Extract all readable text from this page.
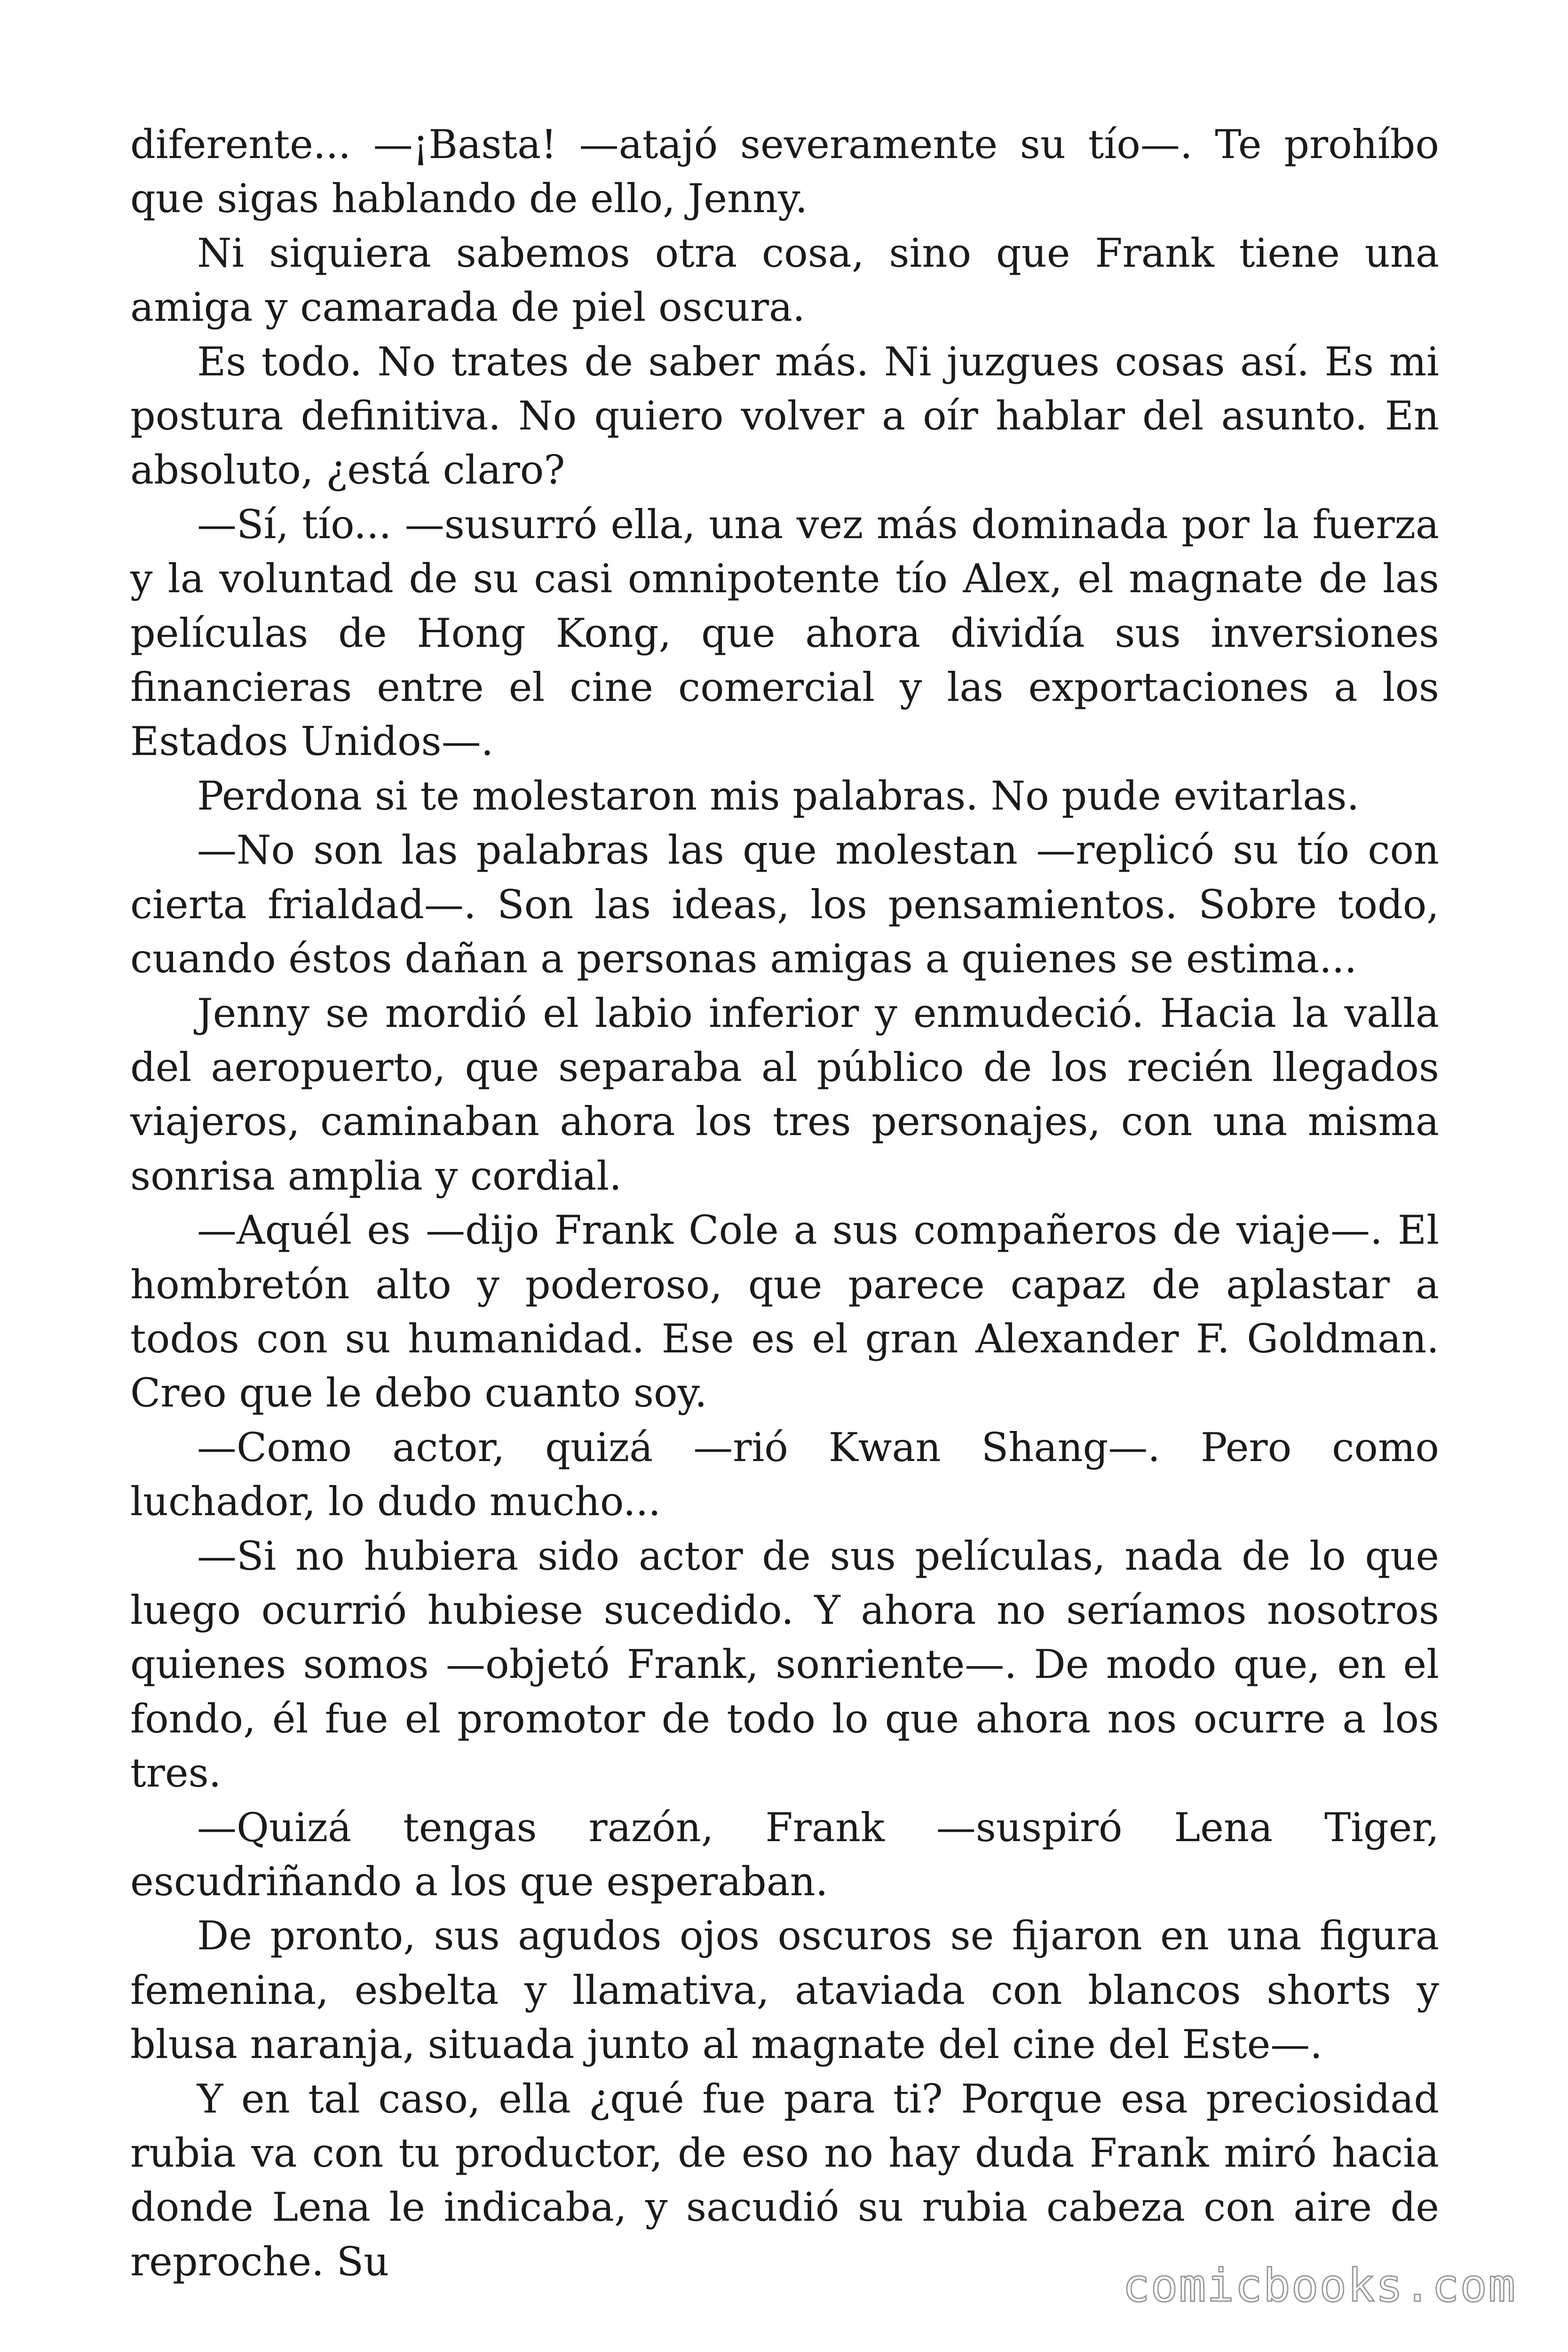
diferente... —¡Basta! —atajó severamente su tío—. Te prohíbo que sigas hablando de ello, Jenny.

Ni siquiera sabemos otra cosa, sino que Frank tiene una amiga y camarada de piel oscura.

Es todo. No trates de saber más. Ni juzgues cosas así. Es mi postura definitiva. No quiero volver a oír hablar del asunto. En absoluto, ¿está claro?

—Sí, tío... —susurró ella, una vez más dominada por la fuerza y la voluntad de su casi omnipotente tío Alex, el magnate de las películas de Hong Kong, que ahora dividía sus inversiones financieras entre el cine comercial y las exportaciones a los Estados Unidos—.

Perdona si te molestaron mis palabras. No pude evitarlas.

—No son las palabras las que molestan —replicó su tío con cierta frialdad—. Son las ideas, los pensamientos. Sobre todo, cuando éstos dañan a personas amigas a quienes se estima...

Jenny se mordió el labio inferior y enmudeció. Hacia la valla del aeropuerto, que separaba al público de los recién llegados viajeros, caminaban ahora los tres personajes, con una misma sonrisa amplia y cordial.

—Aquél es —dijo Frank Cole a sus compañeros de viaje—. El hombretón alto y poderoso, que parece capaz de aplastar a todos con su humanidad. Ese es el gran Alexander F. Goldman. Creo que le debo cuanto soy.

—Como actor, quizá —rió Kwan Shang—. Pero como luchador, lo dudo mucho...

—Si no hubiera sido actor de sus películas, nada de lo que luego ocurrió hubiese sucedido. Y ahora no seríamos nosotros quienes somos —objetó Frank, sonriente—. De modo que, en el fondo, él fue el promotor de todo lo que ahora nos ocurre a los tres.

—Quizá tengas razón, Frank —suspiró Lena Tiger, escudriñando a los que esperaban.

De pronto, sus agudos ojos oscuros se fijaron en una figura femenina, esbelta y llamativa, ataviada con blancos shorts y blusa naranja, situada junto al magnate del cine del Este—.

Y en tal caso, ella ¿qué fue para ti? Porque esa preciosidad rubia va con tu productor, de eso no hay duda Frank miró hacia donde Lena le indicaba, y sacudió su rubia cabeza con aire de reproche. Su	comicbooks.com
